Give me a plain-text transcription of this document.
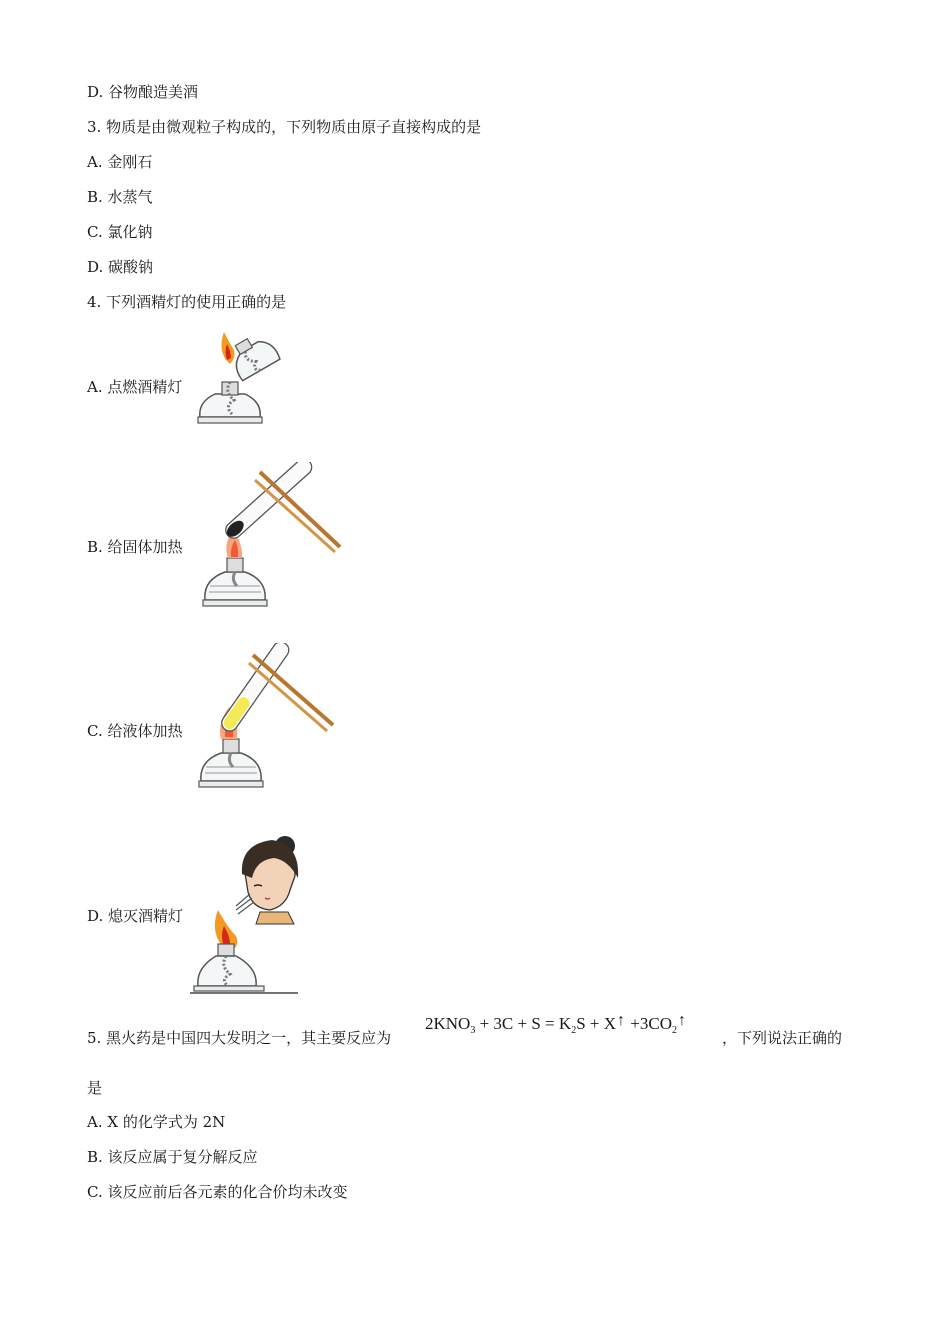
D. 谷物酿造美酒
3. 物质是由微观粒子构成的，下列物质由原子直接构成的是
A. 金刚石
B. 水蒸气
C. 氯化钠
D. 碳酸钠
4. 下列酒精灯的使用正确的是
A. 点燃酒精灯
B. 给固体加热
C. 给液体加热
D. 熄灭酒精灯
5. 黑火药是中国四大发明之一，其主要反应为
$2KNO_3 + 3C + S = K_2S$ + X↑ $+3CO_2↑$
，下列说法正确的
是
A. X 的化学式为 2N
B. 该反应属于复分解反应
C. 该反应前后各元素的化合价均未改变
